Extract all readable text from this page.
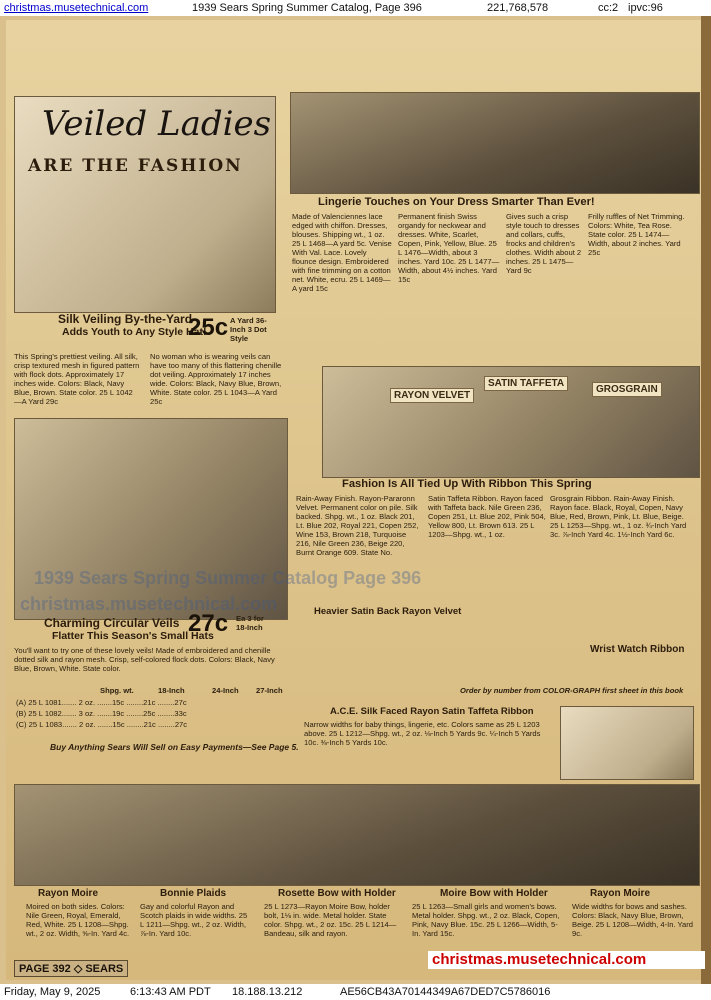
christmas.musetechnical.com	1939 Sears Spring Summer Catalog, Page 396	221,768,578	cc:2 ipvc:96
Veiled Ladies
ARE THE FASHION
Lingerie Touches on Your Dress Smarter Than Ever!
Made of Valenciennes lace edged with chiffon. Dresses, blouses. Shipping wt., 1 oz. 25 L 1468—A yard 5c. Venise With Val. Lace. Lovely flounce design. Embroidered with fine trimming on a cotton net. White, ecru. 25 L 1469—A yard 15c
Permanent finish Swiss organdy for neckwear and dresses. White, Scarlet, Copen, Pink, Yellow, Blue. 25 L 1476—Width, about 3 inches. Yard 10c. 25 L 1477—Width, about 4½ inches. Yard 15c
Gives such a crisp style touch to dresses and collars, cuffs, frocks and children's clothes. Width about 2 inches. 25 L 1475—Yard 9c
Frilly ruffles of Net Trimming. Colors: White, Tea Rose. State color. 25 L 1474—Width, about 2 inches. Yard 25c
Silk Veiling By-the-Yard
Adds Youth to Any Style Hat!
25c A Yard 36-Inch 3 Dot Style
This Spring's prettiest veiling. All silk, crisp textured mesh in figured pattern with flock dots. Approximately 17 inches wide. Colors: Black, Navy Blue, Brown. State color. 25 L 1042—A Yard 29c
No woman who is wearing veils can have too many of this flattering chenille dot veiling. Approximately 17 inches wide. Colors: Black, Navy Blue, Brown, White. State color. 25 L 1043—A Yard 25c
1939 Sears Spring Summer Catalog Page 396
christmas.musetechnical.com
Charming Circular Veils
Flatter This Season's Small Hats
27c Ea 3 for 18-Inch
You'll want to try one of these lovely veils! Made of embroidered and chenille dotted silk and rayon mesh. Crisp, self-colored flock dots. Colors: Black, Navy Blue, Brown, White. State color.
Shpg. wt.	18-Inch	24-Inch 27-Inch
(A) 25 L 1081....... 2 oz. .......15c ........21c ........27c
(B) 25 L 1082....... 3 oz. .......19c ........25c ........33c
(C) 25 L 1083....... 2 oz. .......15c ........21c ........27c
Buy Anything Sears Will Sell on Easy Payments—See Page 5.
RAYON VELVET
SATIN TAFFETA
GROSGRAIN
Fashion Is All Tied Up With Ribbon This Spring
Rain-Away Finish. Rayon-Pararonn Velvet. Permanent color on pile. Silk backed. Shpg. wt., 1 oz. Black 201, Lt. Blue 202, Royal 221, Copen 252, Wine 153, Brown 218, Turquoise 216, Nile Green 236, Beige 220, Burnt Orange 609. State No.
Satin Taffeta Ribbon. Rayon faced with Taffeta back. Nile Green 236, Copen 251, Lt. Blue 202, Pink 504, Yellow 800, Lt. Brown 613. 25 L 1203—Shpg. wt., 1 oz.
Grosgrain Ribbon. Rain-Away Finish. Rayon face. Black, Royal, Copen, Navy Blue, Red, Brown, Pink, Lt. Blue, Beige. 25 L 1253—Shpg. wt., 1 oz. ¾-Inch Yard 3c. ⅞-Inch Yard 4c. 1½-Inch Yard 6c.
Order by number from COLOR-GRAPH first sheet in this book
Heavier Satin Back Rayon Velvet
Wrist Watch Ribbon
A.C.E. Silk Faced Rayon Satin Taffeta Ribbon
Narrow widths for baby things, lingerie, etc. Colors same as 25 L 1203 above. 25 L 1212—Shpg. wt., 2 oz. ⅛-Inch 5 Yards 9c. ¼-Inch 5 Yards 10c. ⅜-Inch 5 Yards 10c.
Rayon Moire	Bonnie Plaids	Rosette Bow with Holder	Moire Bow with Holder	Rayon Moire
Moired on both sides. Colors: Nile Green, Royal, Emerald, Red, White. 25 L 1208—Shpg. wt., 2 oz. Width, ⅝-In. Yard 4c.
Gay and colorful Rayon and Scotch plaids in wide widths. 25 L 1211—Shpg. wt., 2 oz. Width, ⅞-In. Yard 10c.
25 L 1273—Rayon Moire Bow, holder bolt, 1⅛ in. wide. Metal holder. State color. Shpg. wt., 2 oz. 15c. 25 L 1214—Bandeau, silk and rayon.
25 L 1263—Small girls and women's bows. Metal holder. Shpg. wt., 2 oz. Black, Copen, Pink, Navy Blue. 15c. 25 L 1266—Width, 5-In. Yard 15c.
Wide widths for bows and sashes. Colors: Black, Navy Blue, Brown, Beige. 25 L 1208—Width, 4-In. Yard 9c.
PAGE 392 ◇ SEARS
christmas.musetechnical.com
Friday, May 9, 2025	6:13:43 AM PDT 18.188.13.212	AE56CB43A70144349A67DED7C5786016
